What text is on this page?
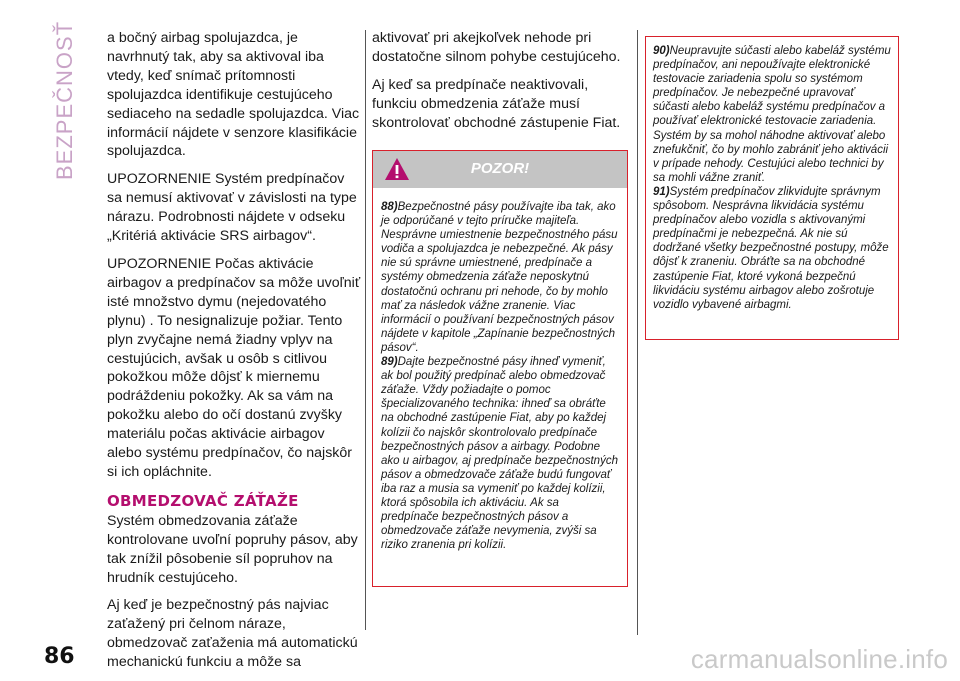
BEZPEČNOSŤ a bočný airbag spolujazdca, je navrhnutý tak, aby sa aktivoval iba vtedy, keď snímač prítomnosti spolujazdca identifikuje cestujúceho sediaceho na sedadle spolujazdca. Viac informácií nájdete v senzore klasifikácie spolujazdca.

UPOZORNENIE Systém predpínačov sa nemusí aktivovať v závislosti na type nárazu. Podrobnosti nájdete v odseku „Kritériá aktivácie SRS airbagov“.

UPOZORNENIE Počas aktivácie airbagov a predpínačov sa môže uvoľniť isté množstvo dymu (nejedovatého plynu) . To nesignalizuje požiar. Tento plyn zvyčajne nemá žiadny vplyv na cestujúcich, avšak u osôb s citlivou pokožkou môže dôjsť k miernemu podráždeniu pokožky. Ak sa vám na pokožku alebo do očí dostanú zvyšky materiálu počas aktivácie airbagov alebo systému predpínačov, čo najskôr si ich opláchnite.

OBMEDZOVAČ ZÁŤAŽE

Systém obmedzovania záťaže kontrolovane uvoľní popruhy pásov, aby tak znížil pôsobenie síl popruhov na hrudník cestujúceho.

Aj keď je bezpečnostný pás najviac zaťažený pri čelnom náraze, obmedzovač zaťaženia má automatickú mechanickú funkciu a môže sa

aktivovať pri akejkoľvek nehode pri dostatočne silnom pohybe cestujúceho.

Aj keď sa predpínače neaktivovali, funkciu obmedzenia záťaže musí skontrolovať obchodné zástupenie Fiat.

POZOR!

88)Bezpečnostné pásy používajte iba tak, ako je odporúčané v tejto príručke majiteľa. Nesprávne umiestnenie bezpečnostného pásu vodiča a spolujazdca je nebezpečné. Ak pásy nie sú správne umiestnené, predpínače a systémy obmedzenia záťaže neposkytnú dostatočnú ochranu pri nehode, čo by mohlo mať za následok vážne zranenie. Viac informácií o používaní bezpečnostných pásov nájdete v kapitole „Zapínanie bezpečnostných pásov“.

89)Dajte bezpečnostné pásy ihneď vymeniť, ak bol použitý predpínač alebo obmedzovač záťaže. Vždy požiadajte o pomoc špecializovaného technika: ihneď sa obráťte na obchodné zastúpenie Fiat, aby po každej kolízii čo najskôr skontrolovalo predpínače bezpečnostných pásov a airbagy. Podobne ako u airbagov, aj predpínače bezpečnostných pásov a obmedzovače záťaže budú fungovať iba raz a musia sa vymeniť po každej kolízii, ktorá spôsobila ich aktiváciu. Ak sa predpínače bezpečnostných pásov a obmedzovače záťaže nevymenia, zvýši sa riziko zranenia pri kolízii.

90)Neupravujte súčasti alebo kabeláž systému predpínačov, ani nepoužívajte elektronické testovacie zariadenia spolu so systémom predpínačov. Je nebezpečné upravovať súčasti alebo kabeláž systému predpínačov a používať elektronické testovacie zariadenia. Systém by sa mohol náhodne aktivovať alebo znefukčniť, čo by mohlo zabrániť jeho aktivácii v prípade nehody. Cestujúci alebo technici by sa mohli vážne zraniť.

91)Systém predpínačov zlikvidujte správnym spôsobom. Nesprávna likvidácia systému predpínačov alebo vozidla s aktivovanými predpínačmi je nebezpečná. Ak nie sú dodržané všetky bezpečnostné postupy, môže dôjsť k zraneniu. Obráťte sa na obchodné zastúpenie Fiat, ktoré vykoná bezpečnú likvidáciu systému airbagov alebo zošrotuje vozidlo vybavené airbagmi.

86	carmanualsonline.info
